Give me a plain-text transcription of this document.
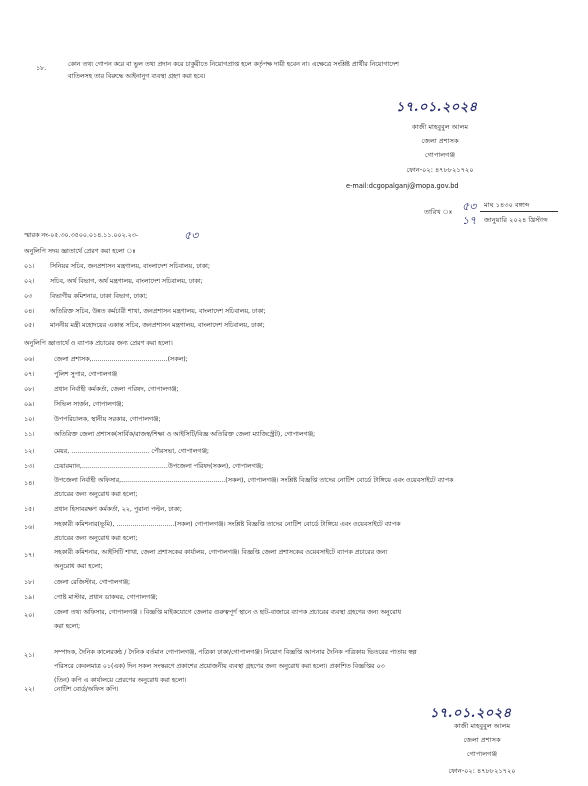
১৮.	কোন তথ্য গোপন করে বা ভুল তথ্য প্রদান করে চাকুরীতে নিয়োগপ্রাপ্ত হলে কর্তৃপক্ষ দায়ী হবেন না। এক্ষেত্রে সংশ্লিষ্ট প্রার্থীর নিয়োগাদেশ
বাতিলসহ তার বিরুদ্ধে আইনানুগ ব্যবস্থা গ্রহণ করা হবে।
১৭.০১.২০২৪
কাজী মাহবুবুল আলম
জেলা প্রশাসক
গোপালগঞ্জ
ফোন-০২: ৪৭৮৮২১৭২০
e-mail:dcgopalganj@mopa.gov.bd
তারিখ ঃ ৫৩ মাঘ ১৪৩০ বঙ্গাব্দ
১৭ জানুয়ারি ২০২৪ খ্রিস্টাব্দ
স্মারক নং-০৫.৩০.৩৫০০.০১৪.১১.০০২.২৩-	৫৩
অনুলিপি সদয় জ্ঞাতার্থে প্রেরণ করা হলো ঃ
০১। সিনিয়র সচিব, জনপ্রশাসন মন্ত্রণালয়, বাংলাদেশ সচিবালয়, ঢাকা;
০২। সচিব, অর্থ বিভাগ, অর্থ মন্ত্রণালয়, বাংলাদেশ সচিবালয়, ঢাকা;
০৩	বিভাগীয় কমিশনার, ঢাকা বিভাগ, ঢাকা;
০৪। অতিরিক্ত সচিব, উন্নত কর্মচারী শাখা, জনপ্রশাসন মন্ত্রণালয়, বাংলাদেশ সচিবালয়, ঢাকা;
০৫। মাননীয় মন্ত্রী মহোদয়ের একান্ত সচিব, জনপ্রশাসন মন্ত্রণালয়, বাংলাদেশ সচিবালয়, ঢাকা;
অনুলিপি জ্ঞাতার্থে ও ব্যাপক প্রচারের জন্য প্রেরণ করা হলো।
০৬।	জেলা প্রশাসক,......................................(সকল);
০৭।	পুলিশ সুপার, গোপালগঞ্জ
০৮।	প্রধান নির্বাহী কর্মকর্তা, জেলা পরিষদ, গোপালগঞ্জ;
০৯।	সিভিল সার্জন, গোপালগঞ্জ;
১০।	উপপরিচালক, স্থানীয় সরকার, গোপালগঞ্জ;
১১।	অতিরিক্ত জেলা প্রশাসক(সার্বিক/রাজস্ব/শিক্ষা ও আইসিটি/বিজ্ঞ অতিরিক্ত জেলা ম্যাজিস্ট্রেট), গোপালগঞ্জ;
১২।	মেয়র, ....................................... পৌরসভা, গোপালগঞ্জ;
১৩।	চেয়ারম্যান,...........................................উপজেলা পরিষদ(সকল), গোপালগঞ্জ;
১৪।	উপজেলা নির্বাহী অফিসার,....................................................(সকল), গোপালগঞ্জ। সংশ্লিষ্ট বিজ্ঞপ্তি তাদের নোটিশ বোর্ডে টাঙ্গিয়ে এবং ওয়েবসাইটে ব্যাপক
প্রচারের জন্য অনুরোধ করা হলো;
১৫।	প্রধান হিসাবরক্ষণ কর্মকর্তা, ২২, পুরানা পল্টন, ঢাকা;
১৬।	সহকারী কমিশনার(ভূমি), .............................(সকল) গোপালগঞ্জ। সংশ্লিষ্ট বিজ্ঞপ্তি তাদের নোটিশ বোর্ডে টাঙ্গিয়ে এবং ওয়েবসাইটে ব্যাপক
প্রচারের জন্য অনুরোধ করা হলো;
১৭।	সহকারী কমিশনার, আইসিটি শাখা, জেলা প্রশাসকের কার্যালয়, গোপালগঞ্জ। বিজ্ঞপ্তি জেলা প্রশাসকের ওয়েবসাইটে ব্যাপক প্রচারের জন্য
অনুরোধ করা হলো;
১৮।	জেলা রেজিস্টার, গোপালগঞ্জ;
১৯।	পোষ্ট মাস্টার, প্রধান ডাকঘর, গোপালগঞ্জ;
২০।	জেলা তথ্য অফিসার, গোপালগঞ্জ । বিজ্ঞপ্তি মাইকযোগে জেলার গুরুত্বপূর্ণ স্থানে ও হাট-বাজারে ব্যাপক প্রচারের ব্যবস্থা গ্রহণের জন্য অনুরোধ
করা হলো;
২১।	সম্পাদক, দৈনিক কালেরকন্ঠ / দৈনিক বর্তমান গোপালগঞ্জ, পত্রিকা ঢাকা/গোপালগঞ্জ। নিয়োগ বিজ্ঞপ্তি আপনার দৈনিক পত্রিকায় ভিতরের পাতায় স্বল্প
পরিসরে কেবলমাত্র ০১(এক) দিন সকল সংস্করণে প্রকাশের প্রয়োজনীয় ব্যবস্থা গ্রহণের জন্য অনুরোধ করা হলো। প্রকাশিত বিজ্ঞপ্তির ০৩
(তিন) কপি এ কার্যালয়ে প্রেরণের অনুরোধ করা হলো।
২২।	নোটিশ বোর্ড/অফিস কপি।
১৭.০১.২০২৪
কাজী মাহবুবুল আলম
জেলা প্রশাসক
গোপালগঞ্জ
ফোন-০২: ৪৭৮৮২১৭২০
